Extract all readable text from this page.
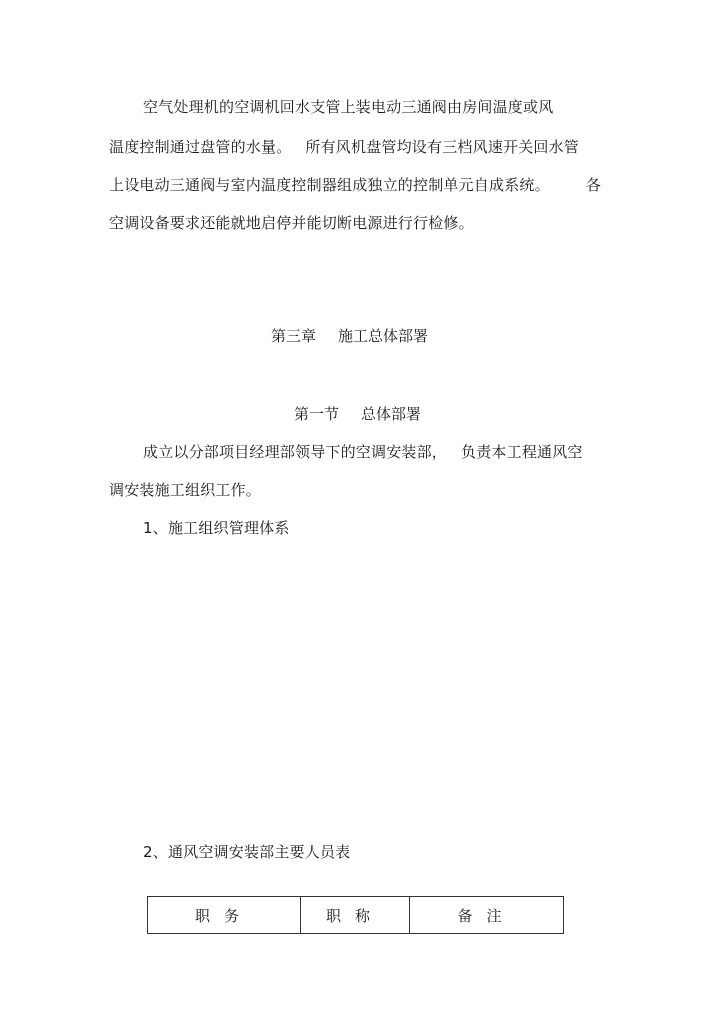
空气处理机的空调机回水支管上装电动三通阀由房间温度或风
温度控制通过盘管的水量。 所有风机盘管均设有三档风速开关回水管
上设电动三通阀与室内温度控制器组成独立的控制单元自成系统。 各
空调设备要求还能就地启停并能切断电源进行行检修。
第三章 施工总体部署
第一节 总体部署
成立以分部项目经理部领导下的空调安装部， 负责本工程通风空
调安装施工组织工作。
1、施工组织管理体系
2、通风空调安装部主要人员表
职务	职称	备注
